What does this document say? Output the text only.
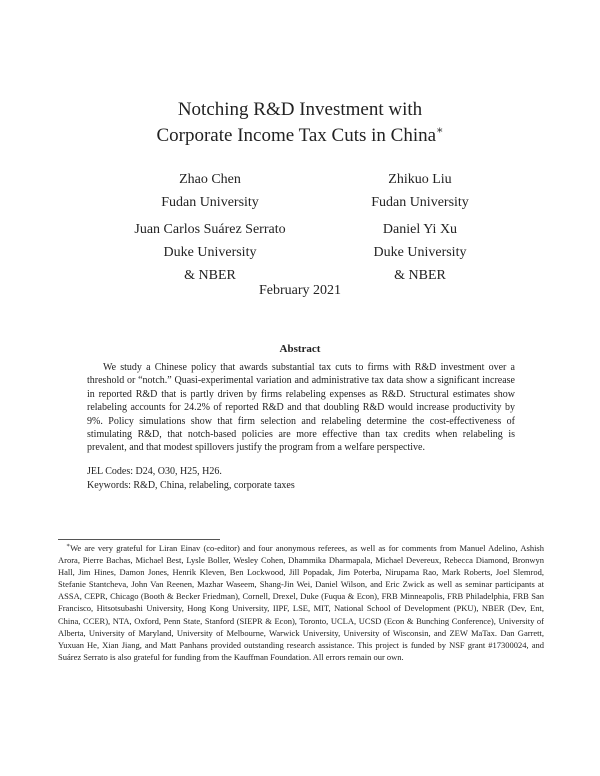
Notching R&D Investment with
Corporate Income Tax Cuts in China∗
Zhao Chen
Fudan University
Zhikuo Liu
Fudan University
Juan Carlos Suárez Serrato
Duke University
& NBER
Daniel Yi Xu
Duke University
& NBER
February 2021
Abstract

We study a Chinese policy that awards substantial tax cuts to firms with R&D investment over a threshold or “notch.” Quasi-experimental variation and administrative tax data show a significant increase in reported R&D that is partly driven by firms relabeling expenses as R&D. Structural estimates show relabeling accounts for 24.2% of reported R&D and that doubling R&D would increase productivity by 9%. Policy simulations show that firm selection and relabeling determine the cost-effectiveness of stimulating R&D, that notch-based policies are more effective than tax credits when relabeling is prevalent, and that modest spillovers justify the program from a welfare perspective.

JEL Codes: D24, O30, H25, H26.
Keywords: R&D, China, relabeling, corporate taxes

∗We are very grateful for Liran Einav (co-editor) and four anonymous referees, as well as for comments from Manuel Adelino, Ashish Arora, Pierre Bachas, Michael Best, Lysle Boller, Wesley Cohen, Dhammika Dharmapala, Michael Devereux, Rebecca Diamond, Bronwyn Hall, Jim Hines, Damon Jones, Henrik Kleven, Ben Lockwood, Jill Popadak, Jim Poterba, Nirupama Rao, Mark Roberts, Joel Slemrod, Stefanie Stantcheva, John Van Reenen, Mazhar Waseem, Shang-Jin Wei, Daniel Wilson, and Eric Zwick as well as seminar participants at ASSA, CEPR, Chicago (Booth & Becker Friedman), Cornell, Drexel, Duke (Fuqua & Econ), FRB Minneapolis, FRB Philadelphia, FRB San Francisco, Hitsotsubashi University, Hong Kong University, IIPF, LSE, MIT, National School of Development (PKU), NBER (Dev, Ent, China, CCER), NTA, Oxford, Penn State, Stanford (SIEPR & Econ), Toronto, UCLA, UCSD (Econ & Bunching Conference), University of Alberta, University of Maryland, University of Melbourne, Warwick University, University of Wisconsin, and ZEW MaTax. Dan Garrett, Yuxuan He, Xian Jiang, and Matt Panhans provided outstanding research assistance. This project is funded by NSF grant #17300024, and Suárez Serrato is also grateful for funding from the Kauffman Foundation. All errors remain our own.
